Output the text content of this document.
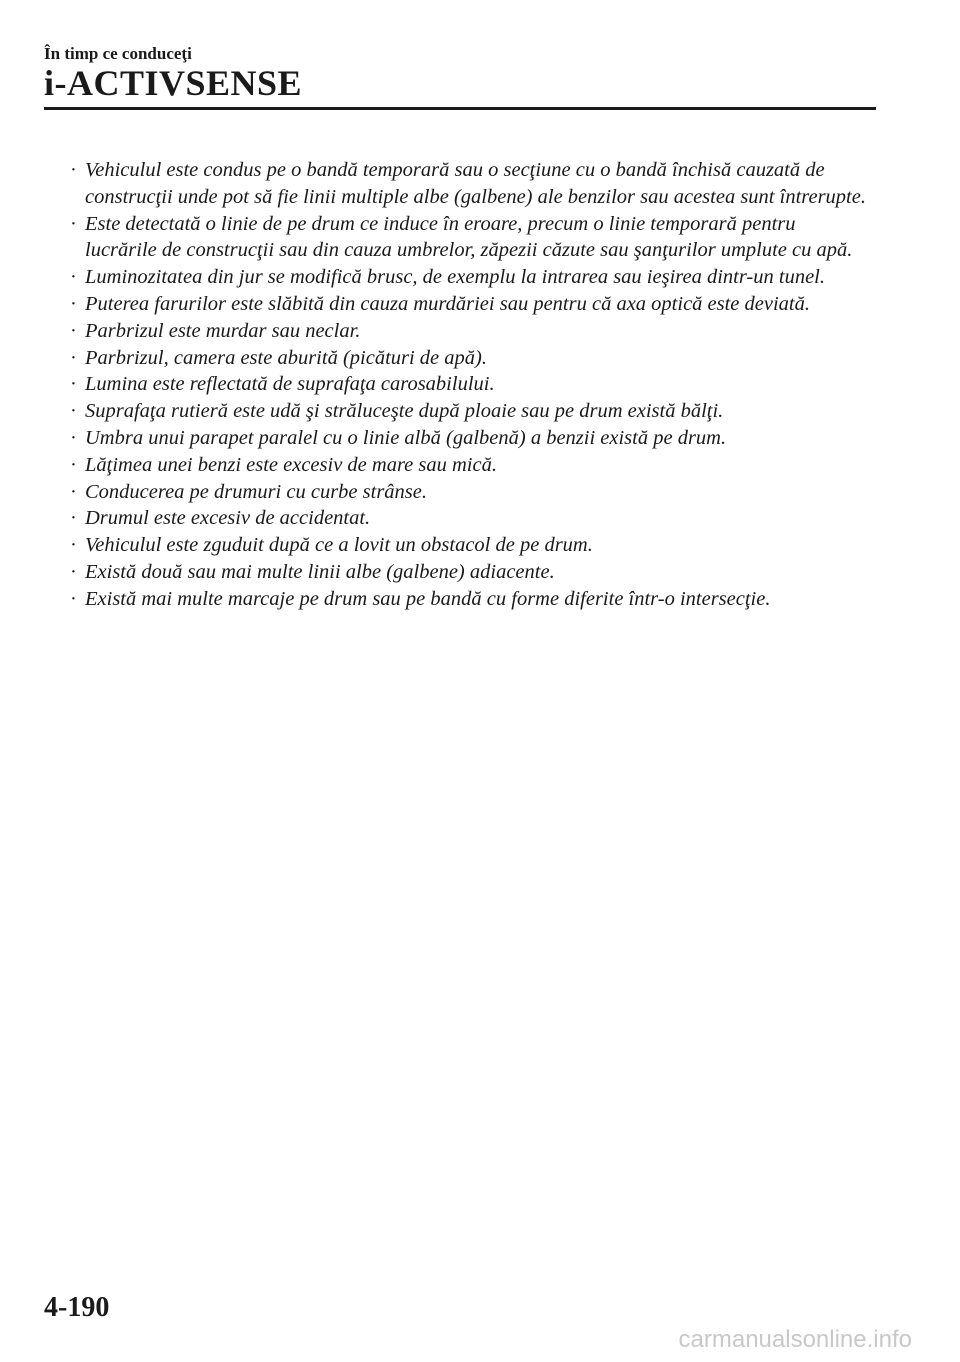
În timp ce conduceţi
i-ACTIVSENSE
· Vehiculul este condus pe o bandă temporară sau o secţiune cu o bandă închisă cauzată de construcţii unde pot să fie linii multiple albe (galbene) ale benzilor sau acestea sunt întrerupte.
· Este detectată o linie de pe drum ce induce în eroare, precum o linie temporară pentru lucrările de construcţii sau din cauza umbrelor, zăpezii căzute sau şanţurilor umplute cu apă.
· Luminozitatea din jur se modifică brusc, de exemplu la intrarea sau ieşirea dintr-un tunel.
· Puterea farurilor este slăbită din cauza murdăriei sau pentru că axa optică este deviată.
· Parbrizul este murdar sau neclar.
· Parbrizul, camera este aburită (picături de apă).
· Lumina este reflectată de suprafaţa carosabilului.
· Suprafaţa rutieră este udă şi străluceşte după ploaie sau pe drum există bălţi.
· Umbra unui parapet paralel cu o linie albă (galbenă) a benzii există pe drum.
· Lăţimea unei benzi este excesiv de mare sau mică.
· Conducerea pe drumuri cu curbe strânse.
· Drumul este excesiv de accidentat.
· Vehiculul este zguduit după ce a lovit un obstacol de pe drum.
· Există două sau mai multe linii albe (galbene) adiacente.
· Există mai multe marcaje pe drum sau pe bandă cu forme diferite într-o intersecţie.
4-190
carmanualsonline.info
